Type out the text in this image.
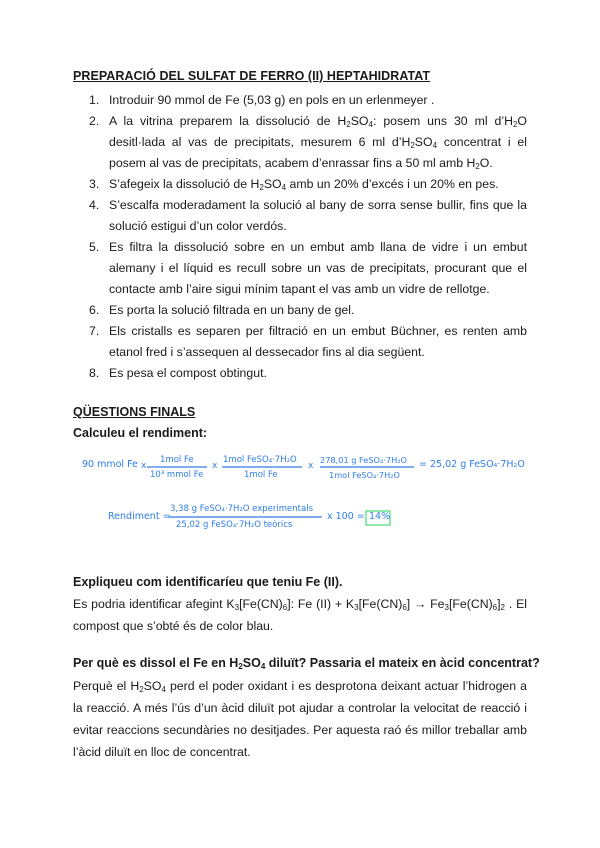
PREPARACIÓ DEL SULFAT DE FERRO (II) HEPTAHIDRATAT
1. Introduir 90 mmol de Fe (5,03 g) en pols en un erlenmeyer .
2. A la vitrina preparem la dissolució de $H_2SO_4$: posem uns 30 ml $d’H_2O$ desitl·lada al vas de precipitats, mesurem 6 ml $d’H_2SO_4$ concentrat i el posem al vas de precipitats, acabem d’enrassar fins a 50 ml amb $H_2O$.
3. S’afegeix la dissolució de $H_2SO_4$ amb un 20% d’excés i un 20% en pes.
4. S’escalfa moderadament la solució al bany de sorra sense bullir, fins que la solució estigui d’un color verdós.
5. Es filtra la dissolució sobre en un embut amb llana de vidre i un embut alemany i el líquid es recull sobre un vas de precipitats, procurant que el contacte amb l’aire sigui mínim tapant el vas amb un vidre de rellotge.
6. Es porta la solució filtrada en un bany de gel.
7. Els cristalls es separen per filtració en un embut Büchner, es renten amb etanol fred i s’assequen al dessecador fins al dia següent.
8. Es pesa el compost obtingut.
QÜESTIONS FINALS
Calculeu el rendiment:
90 mmol Fe x
1mol Fe
10³ mmol Fe
x
1mol FeSO₄·7H₂O
1mol Fe
x
278,01 g FeSO₄·7H₂O
1mol FeSO₄·7H₂O
= 25,02 g FeSO₄·7H₂O
Rendiment =
3,38 g FeSO₄·7H₂O experimentals
25,02 g FeSO₄·7H₂O teòrics
x 100 = 14%
Expliqueu com identificaríeu que teniu Fe (II).
Es podria identificar afegint $K_3[Fe(CN)_6]$: Fe $(II) + K_3[Fe(CN)_6] \to Fe_3[Fe(CN)_6]_2$ . El compost que s’obté és de color blau.
Per què es dissol el Fe en $H_2SO_4$ diluït? Passaria el mateix en àcid concentrat?
Perquè el $H_2SO_4$ perd el poder oxidant i es desprotona deixant actuar l’hidrogen a la reacció. A més l’ús d’un àcid diluït pot ajudar a controlar la velocitat de reacció i evitar reaccions secundàries no desitjades. Per aquesta raó és millor treballar amb l’àcid diluït en lloc de concentrat.
